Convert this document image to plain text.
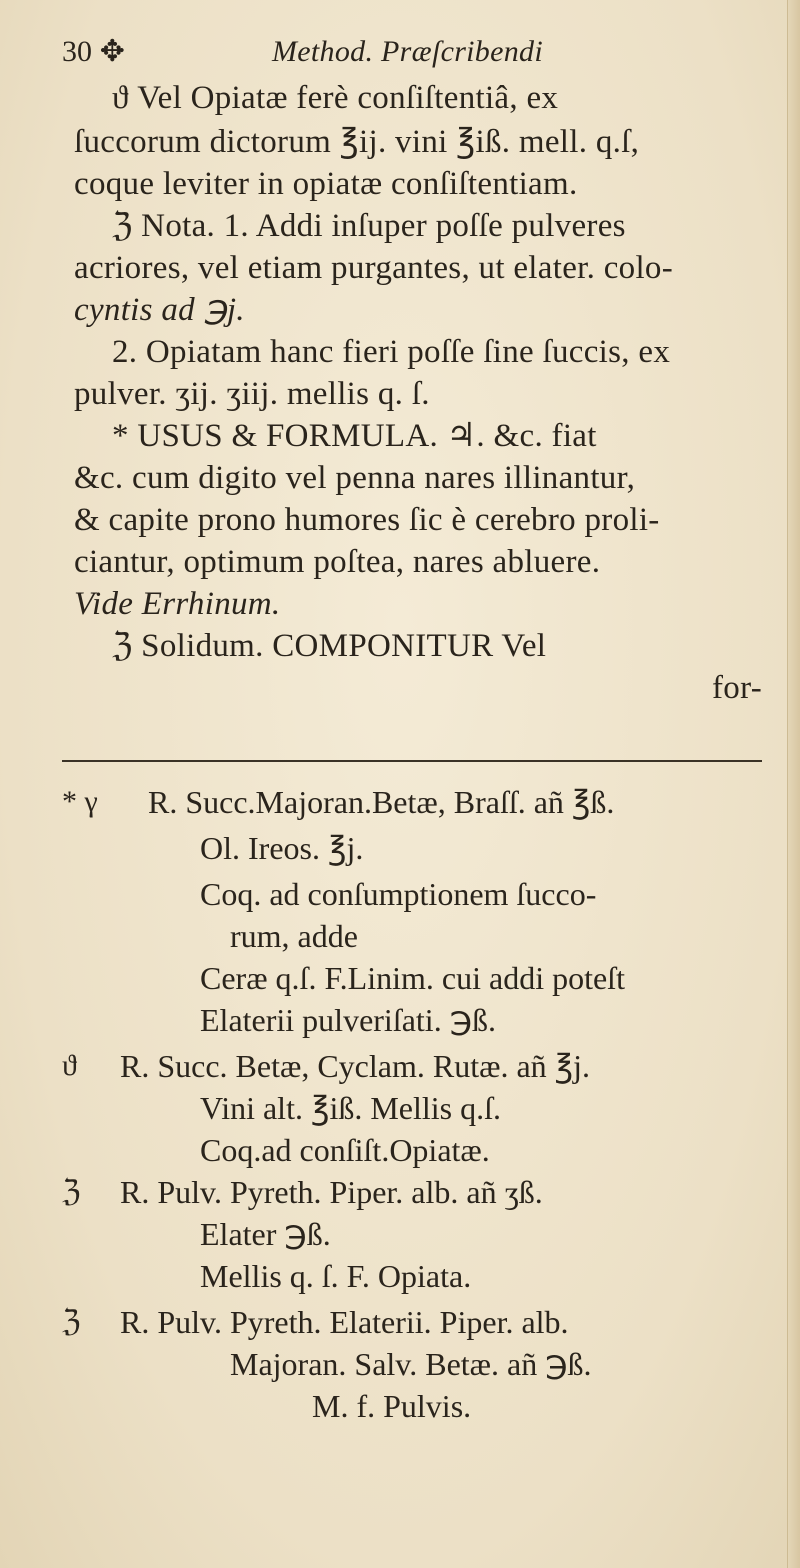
30 ✥	Method. Præſcribendi
ϑ Vel Opiatæ ferè conſiſtentiâ, ex
ſuccorum dictorum ℥ij. vini ℥iß. mell. q.ſ,
coque leviter in opiatæ conſiſtentiam.
ℨ Nota. 1. Addi inſuper poſſe pulveres
acriores, vel etiam purgantes, ut elater. colo-
cyntis ad ℈j.
2. Opiatam hanc fieri poſſe ſine ſuccis, ex
pulver. ʒij. ʒiij. mellis q. ſ.
* USUS & FORMULA. ♃. &c. fiat
&c. cum digito vel penna nares illinantur,
& capite prono humores ſic è cerebro proli-
ciantur, optimum poſtea, nares abluere.
Vide Errhinum.
ℨ Solidum. COMPONITUR Vel
for-
* γ R. Succ.Majoran.Betæ, Braſſ. añ ℥ß.
Ol. Ireos. ℥j.
Coq. ad conſumptionem ſucco-
rum, adde
Ceræ q.ſ. F.Linim. cui addi poteſt
Elaterii pulveriſati. ℈ß.
ϑ R. Succ. Betæ, Cyclam. Rutæ. añ ℥j.
Vini alt. ℥iß. Mellis q.ſ.
Coq.ad conſiſt.Opiatæ.
ℨ R. Pulv. Pyreth. Piper. alb. añ ʒß.
Elater ℈ß.
Mellis q. ſ. F. Opiata.
ℨ R. Pulv. Pyreth. Elaterii. Piper. alb.
Majoran. Salv. Betæ. añ ℈ß.
M. f. Pulvis.
